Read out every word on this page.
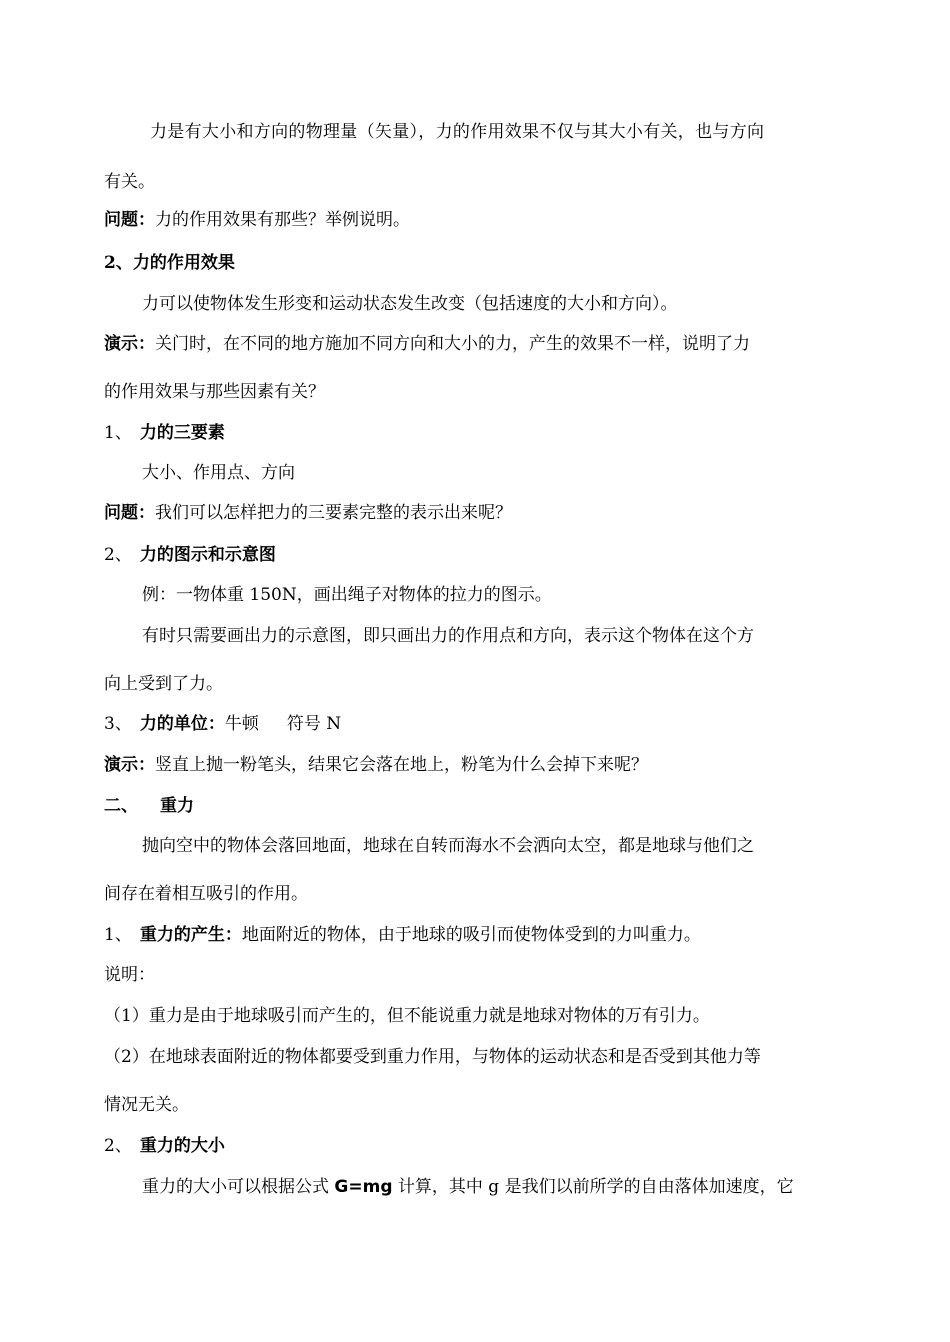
力是有大小和方向的物理量（矢量），力的作用效果不仅与其大小有关，也与方向
有关。
问题：力的作用效果有那些？举例说明。
2、力的作用效果
力可以使物体发生形变和运动状态发生改变（包括速度的大小和方向）。
演示：关门时，在不同的地方施加不同方向和大小的力，产生的效果不一样，说明了力
的作用效果与那些因素有关？
1、 力的三要素
大小、作用点、方向
问题：我们可以怎样把力的三要素完整的表示出来呢？
2、 力的图示和示意图
例：一物体重 150N，画出绳子对物体的拉力的图示。
有时只需要画出力的示意图，即只画出力的作用点和方向，表示这个物体在这个方
向上受到了力。
3、 力的单位：牛顿 符号 N
演示：竖直上抛一粉笔头，结果它会落在地上，粉笔为什么会掉下来呢？
二、 重力
抛向空中的物体会落回地面，地球在自转而海水不会洒向太空，都是地球与他们之
间存在着相互吸引的作用。
1、 重力的产生：地面附近的物体，由于地球的吸引而使物体受到的力叫重力。
说明：
（1）重力是由于地球吸引而产生的，但不能说重力就是地球对物体的万有引力。
（2）在地球表面附近的物体都要受到重力作用，与物体的运动状态和是否受到其他力等
情况无关。
2、 重力的大小
重力的大小可以根据公式 G=mg 计算，其中 g 是我们以前所学的自由落体加速度，它
